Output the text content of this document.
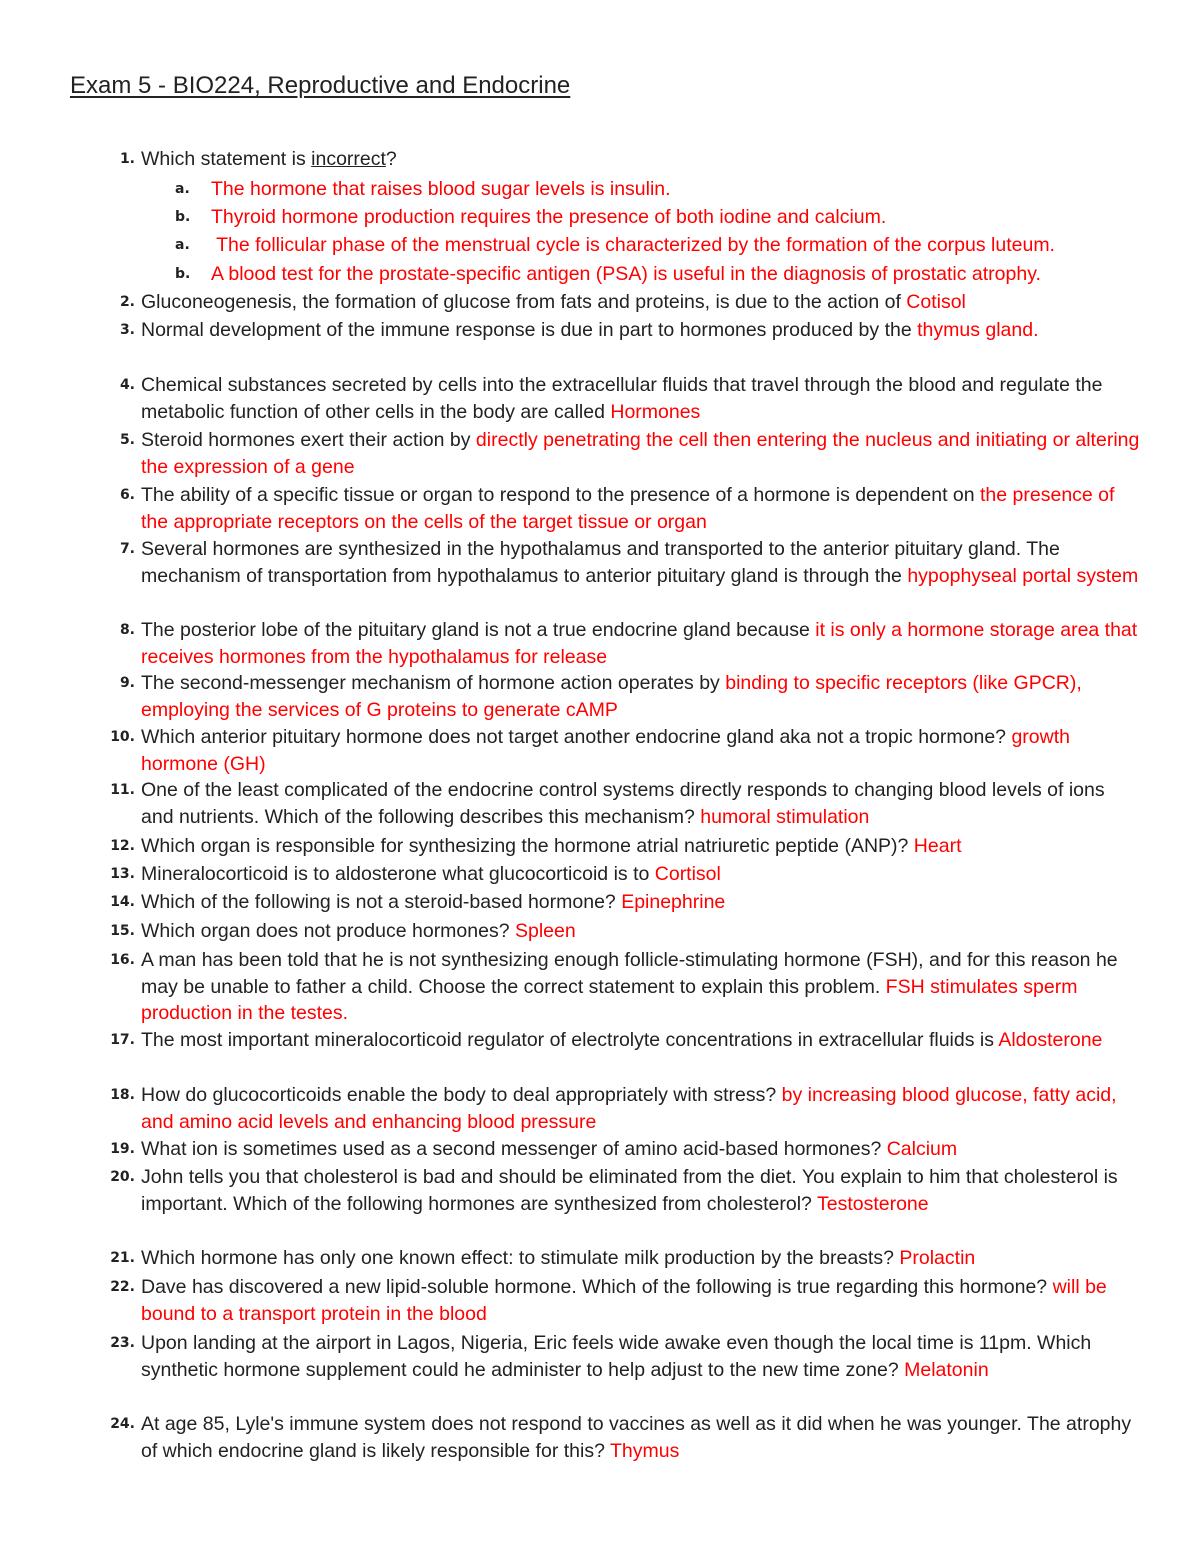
Exam 5 - BIO224, Reproductive and Endocrine
1. Which statement is incorrect?
a. The hormone that raises blood sugar levels is insulin.
b. Thyroid hormone production requires the presence of both iodine and calcium.
a. The follicular phase of the menstrual cycle is characterized by the formation of the corpus luteum.
b. A blood test for the prostate-specific antigen (PSA) is useful in the diagnosis of prostatic atrophy.
2. Gluconeogenesis, the formation of glucose from fats and proteins, is due to the action of Cotisol
3. Normal development of the immune response is due in part to hormones produced by the thymus gland.
4. Chemical substances secreted by cells into the extracellular fluids that travel through the blood and regulate the metabolic function of other cells in the body are called Hormones
5. Steroid hormones exert their action by directly penetrating the cell then entering the nucleus and initiating or altering the expression of a gene
6. The ability of a specific tissue or organ to respond to the presence of a hormone is dependent on the presence of the appropriate receptors on the cells of the target tissue or organ
7. Several hormones are synthesized in the hypothalamus and transported to the anterior pituitary gland. The mechanism of transportation from hypothalamus to anterior pituitary gland is through the hypophyseal portal system
8. The posterior lobe of the pituitary gland is not a true endocrine gland because it is only a hormone storage area that receives hormones from the hypothalamus for release
9. The second-messenger mechanism of hormone action operates by binding to specific receptors (like GPCR), employing the services of G proteins to generate cAMP
10. Which anterior pituitary hormone does not target another endocrine gland aka not a tropic hormone? growth hormone (GH)
11. One of the least complicated of the endocrine control systems directly responds to changing blood levels of ions and nutrients. Which of the following describes this mechanism? humoral stimulation
12. Which organ is responsible for synthesizing the hormone atrial natriuretic peptide (ANP)? Heart
13. Mineralocorticoid is to aldosterone what glucocorticoid is to Cortisol
14. Which of the following is not a steroid-based hormone? Epinephrine
15. Which organ does not produce hormones? Spleen
16. A man has been told that he is not synthesizing enough follicle-stimulating hormone (FSH), and for this reason he may be unable to father a child. Choose the correct statement to explain this problem. FSH stimulates sperm production in the testes.
17. The most important mineralocorticoid regulator of electrolyte concentrations in extracellular fluids is Aldosterone
18. How do glucocorticoids enable the body to deal appropriately with stress? by increasing blood glucose, fatty acid, and amino acid levels and enhancing blood pressure
19. What ion is sometimes used as a second messenger of amino acid-based hormones? Calcium
20. John tells you that cholesterol is bad and should be eliminated from the diet. You explain to him that cholesterol is important. Which of the following hormones are synthesized from cholesterol? Testosterone
21. Which hormone has only one known effect: to stimulate milk production by the breasts? Prolactin
22. Dave has discovered a new lipid-soluble hormone. Which of the following is true regarding this hormone? will be bound to a transport protein in the blood
23. Upon landing at the airport in Lagos, Nigeria, Eric feels wide awake even though the local time is 11pm. Which synthetic hormone supplement could he administer to help adjust to the new time zone? Melatonin
24. At age 85, Lyle's immune system does not respond to vaccines as well as it did when he was younger. The atrophy of which endocrine gland is likely responsible for this? Thymus
